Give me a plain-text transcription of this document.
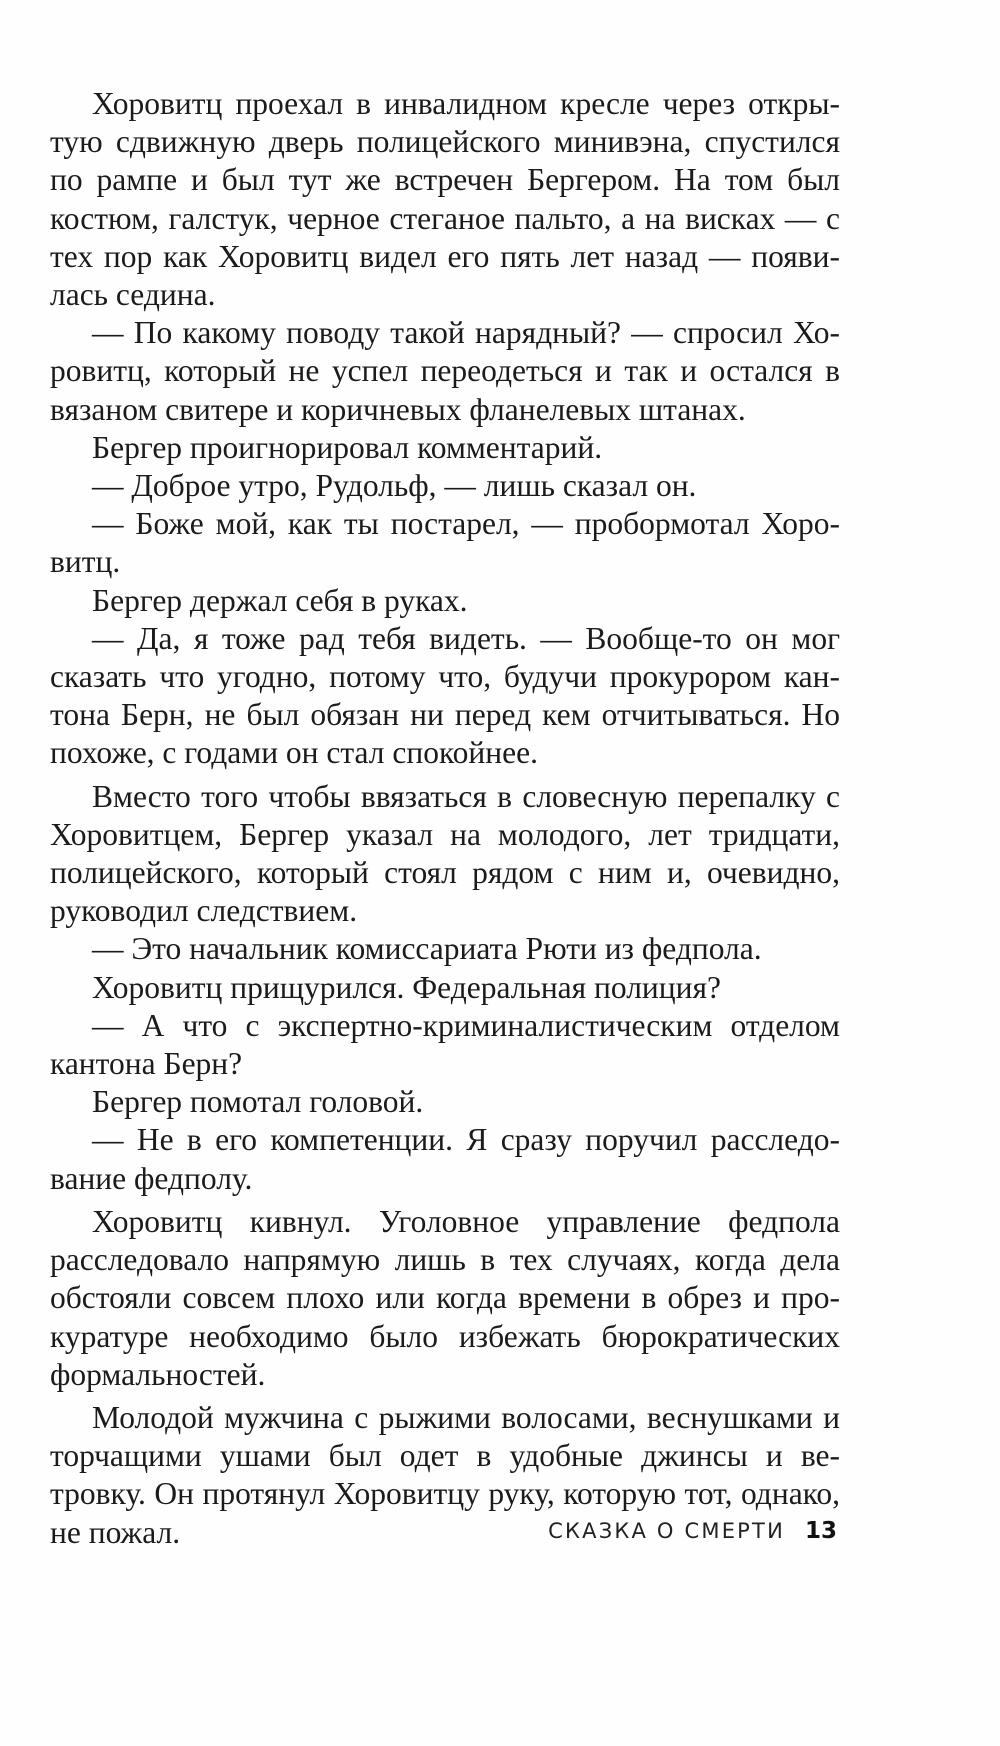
Хоровитц проехал в инвалидном кресле через открытую сдвижную дверь полицейского минивэна, спустился по рампе и был тут же встречен Бергером. На том был костюм, галстук, черное стеганое пальто, а на висках — с тех пор как Хоровитц видел его пять лет назад — появилась седина.

— По какому поводу такой нарядный? — спросил Хоровитц, который не успел переодеться и так и остался в вязаном свитере и коричневых фланелевых штанах.

Бергер проигнорировал комментарий.

— Доброе утро, Рудольф, — лишь сказал он.

— Боже мой, как ты постарел, — пробормотал Хоровитц.

Бергер держал себя в руках.

— Да, я тоже рад тебя видеть. — Вообще-то он мог сказать что угодно, потому что, будучи прокурором кантона Берн, не был обязан ни перед кем отчитываться. Но похоже, с годами он стал спокойнее.

Вместо того чтобы ввязаться в словесную перепалку с Хоровитцем, Бергер указал на молодого, лет тридцати, полицейского, который стоял рядом с ним и, очевидно, руководил следствием.

— Это начальник комиссариата Рюти из федпола.

Хоровитц прищурился. Федеральная полиция?

— А что с экспертно-криминалистическим отделом кантона Берн?

Бергер помотал головой.

— Не в его компетенции. Я сразу поручил расследование федполу.

Хоровитц кивнул. Уголовное управление федпола расследовало напрямую лишь в тех случаях, когда дела обстояли совсем плохо или когда времени в обрез и прокуратуре необходимо было избежать бюрократических формальностей.

Молодой мужчина с рыжими волосами, веснушками и торчащими ушами был одет в удобные джинсы и ветровку. Он протянул Хоровитцу руку, которую тот, однако, не пожал.	СКАЗКА О СМЕРТИ 13
